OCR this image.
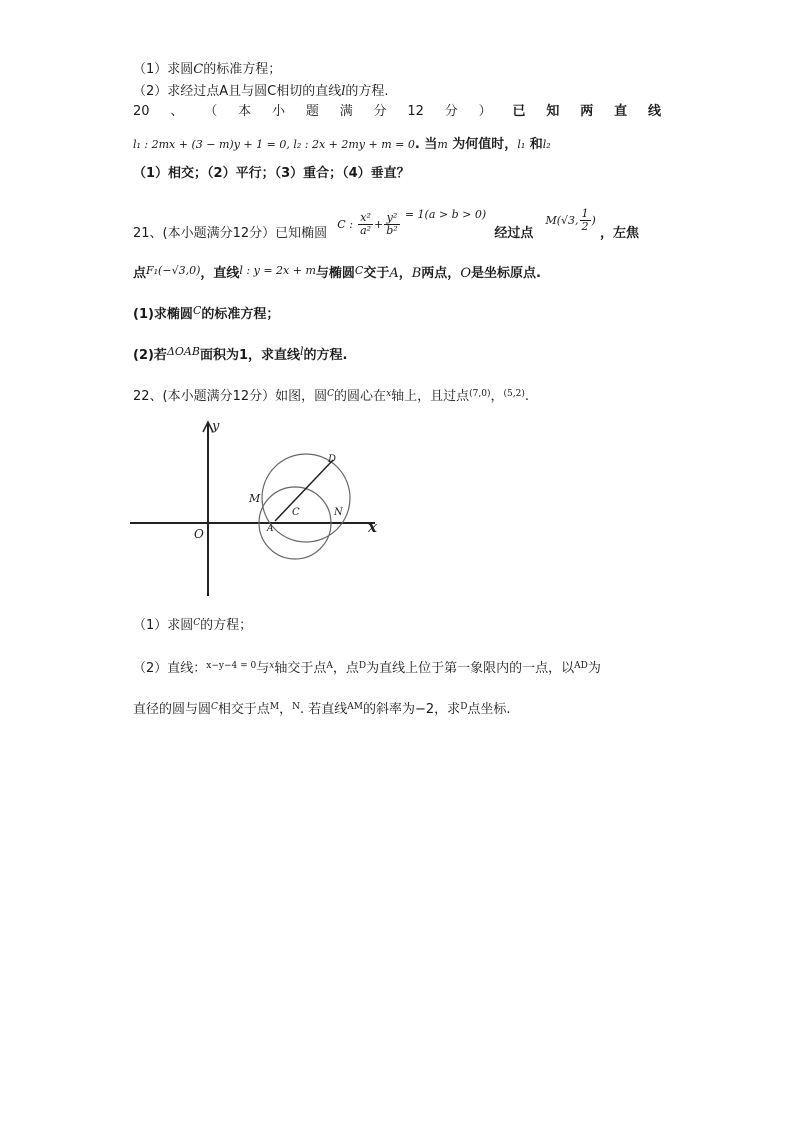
（1）求圆C的标准方程；
（2）求经过点A且与圆C相切的直线l的方程.
20 、 （ 本 小 题 满 分 12 分 ） 已 知 两 直 线
l₁ : 2mx + (3 − m)y + 1 = 0, l₂ : 2x + 2my + m = 0. 当m 为何值时，l₁ 和l₂
（1）相交；（2）平行；（3）重合；（4）垂直？
21、(本小题满分12分）已知椭圆 C : $\frac{\text{x²}}{\text{a²}} + \frac{\text{y²}}{\text{b²}} ^{= 1(a > b > 0)}$ 经过点 M(√3, $\frac{1}{2}$ ) ，左焦
点$^{F_1(-√3,0)}$，直线$^{l : y = 2x + m}$与椭圆$^C$交于A，B两点，O是坐标原点.
(1)求椭圆$^C$的标准方程；
(2)若$^{\Delta OAB}$面积为1，求直线$^l$的方程.
22、(本小题满分12分）如图，圆$^C$的圆心在$^x$轴上，且过点$^{(7,0)}$，$^{(5,2)}$.
y
x
O	A
C
M
N
D
（1）求圆$^C$的方程；
（2）直线：$^{x-y-4 = 0}$与$^x$轴交于点$^A$，点$^D$为直线上位于第一象限内的一点，以$^{AD}$为
直径的圆与圆$^C$相交于点$^M$，$^N$. 若直线$^{AM}$的斜率为−2，求$^D$点坐标.
